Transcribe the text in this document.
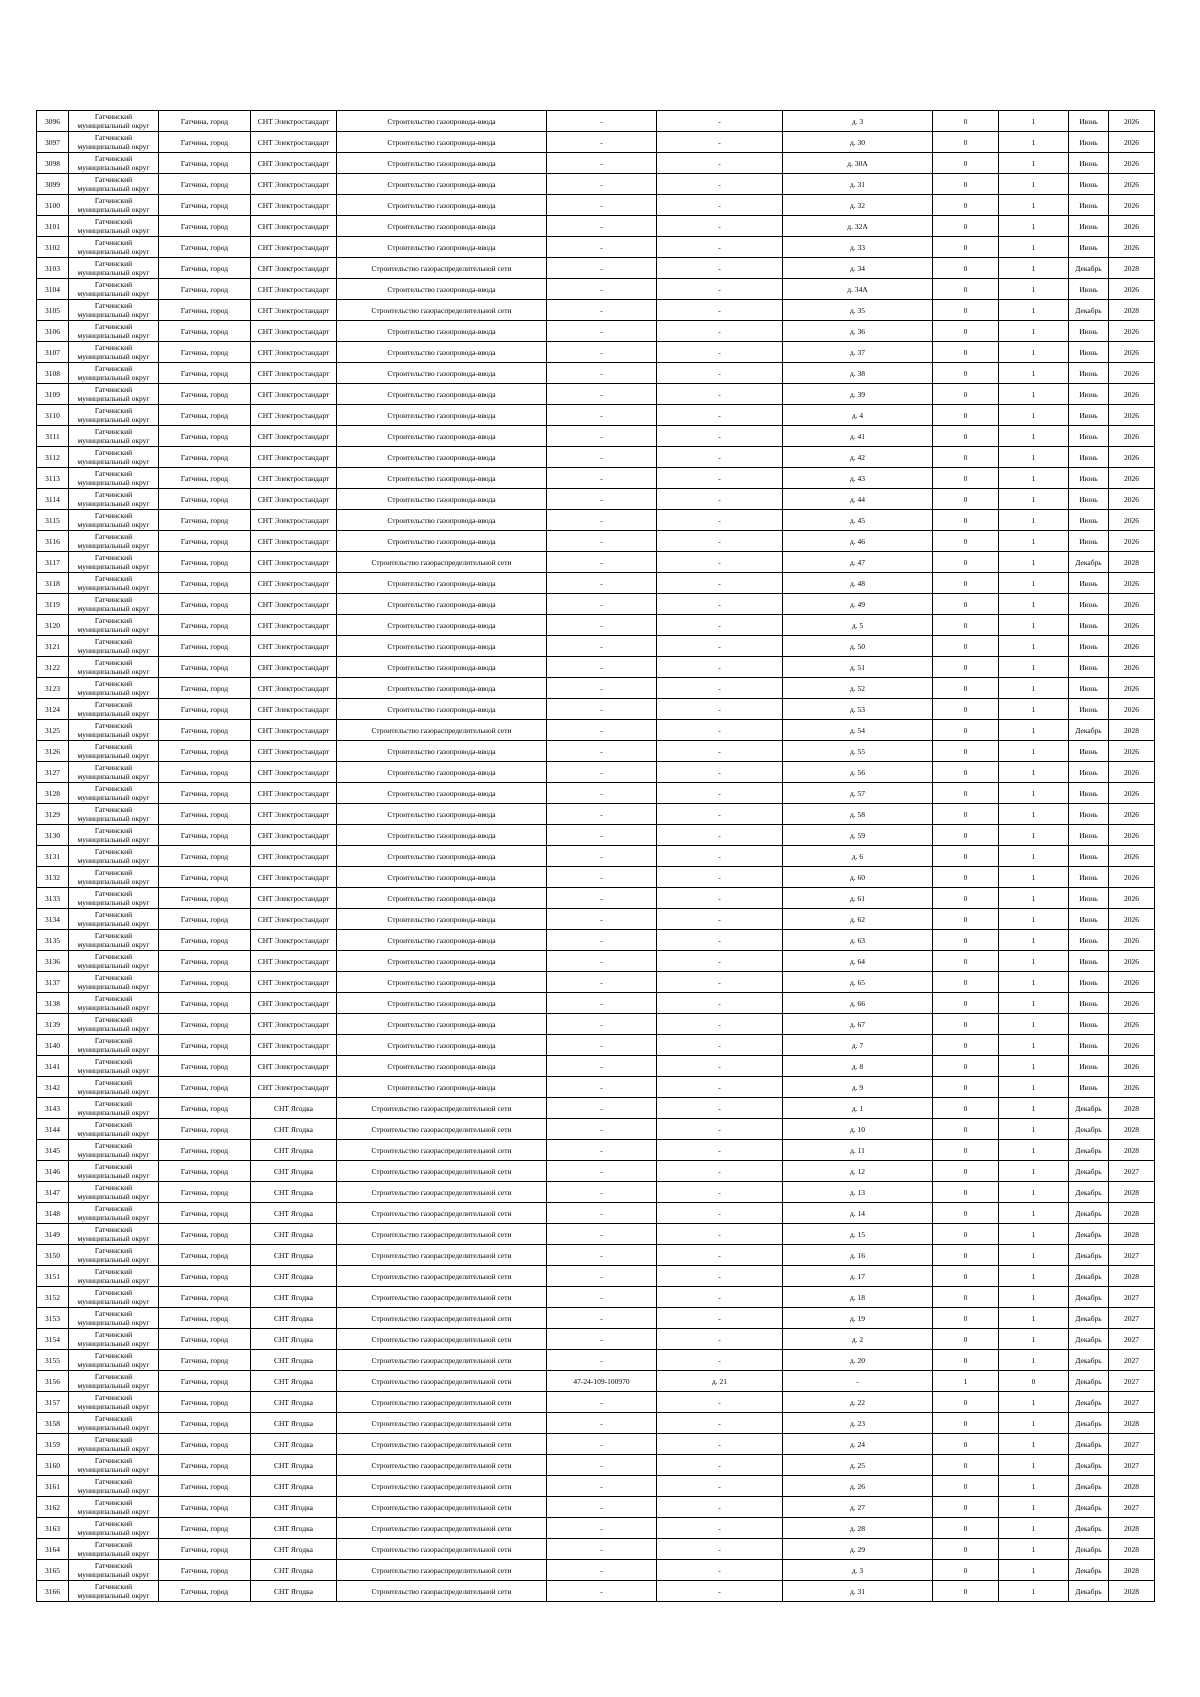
3096	Гатчинский муниципальный округ	Гатчина, город	СНТ Электростандарт	Строительство газопровода-ввода	-	-	д. 3	0	1	Июнь	2026
3097	Гатчинский муниципальный округ	Гатчина, город	СНТ Электростандарт	Строительство газопровода-ввода	-	-	д. 30	0	1	Июнь	2026
3098	Гатчинский муниципальный округ	Гатчина, город	СНТ Электростандарт	Строительство газопровода-ввода	-	-	д. 30А	0	1	Июнь	2026
3099	Гатчинский муниципальный округ	Гатчина, город	СНТ Электростандарт	Строительство газопровода-ввода	-	-	д. 31	0	1	Июнь	2026
3100	Гатчинский муниципальный округ	Гатчина, город	СНТ Электростандарт	Строительство газопровода-ввода	-	-	д. 32	0	1	Июнь	2026
3101	Гатчинский муниципальный округ	Гатчина, город	СНТ Электростандарт	Строительство газопровода-ввода	-	-	д. 32А	0	1	Июнь	2026
3102	Гатчинский муниципальный округ	Гатчина, город	СНТ Электростандарт	Строительство газопровода-ввода	-	-	д. 33	0	1	Июнь	2026
3103	Гатчинский муниципальный округ	Гатчина, город	СНТ Электростандарт	Строительство газораспределительной сети	-	-	д. 34	0	1	Декабрь	2028
3104	Гатчинский муниципальный округ	Гатчина, город	СНТ Электростандарт	Строительство газопровода-ввода	-	-	д. 34А	0	1	Июнь	2026
3105	Гатчинский муниципальный округ	Гатчина, город	СНТ Электростандарт	Строительство газораспределительной сети	-	-	д. 35	0	1	Декабрь	2028
3106	Гатчинский муниципальный округ	Гатчина, город	СНТ Электростандарт	Строительство газопровода-ввода	-	-	д. 36	0	1	Июнь	2026
3107	Гатчинский муниципальный округ	Гатчина, город	СНТ Электростандарт	Строительство газопровода-ввода	-	-	д. 37	0	1	Июнь	2026
3108	Гатчинский муниципальный округ	Гатчина, город	СНТ Электростандарт	Строительство газопровода-ввода	-	-	д. 38	0	1	Июнь	2026
3109	Гатчинский муниципальный округ	Гатчина, город	СНТ Электростандарт	Строительство газопровода-ввода	-	-	д. 39	0	1	Июнь	2026
3110	Гатчинский муниципальный округ	Гатчина, город	СНТ Электростандарт	Строительство газопровода-ввода	-	-	д. 4	0	1	Июнь	2026
3111	Гатчинский муниципальный округ	Гатчина, город	СНТ Электростандарт	Строительство газопровода-ввода	-	-	д. 41	0	1	Июнь	2026
3112	Гатчинский муниципальный округ	Гатчина, город	СНТ Электростандарт	Строительство газопровода-ввода	-	-	д. 42	0	1	Июнь	2026
3113	Гатчинский муниципальный округ	Гатчина, город	СНТ Электростандарт	Строительство газопровода-ввода	-	-	д. 43	0	1	Июнь	2026
3114	Гатчинский муниципальный округ	Гатчина, город	СНТ Электростандарт	Строительство газопровода-ввода	-	-	д. 44	0	1	Июнь	2026
3115	Гатчинский муниципальный округ	Гатчина, город	СНТ Электростандарт	Строительство газопровода-ввода	-	-	д. 45	0	1	Июнь	2026
3116	Гатчинский муниципальный округ	Гатчина, город	СНТ Электростандарт	Строительство газопровода-ввода	-	-	д. 46	0	1	Июнь	2026
3117	Гатчинский муниципальный округ	Гатчина, город	СНТ Электростандарт	Строительство газораспределительной сети	-	-	д. 47	0	1	Декабрь	2028
3118	Гатчинский муниципальный округ	Гатчина, город	СНТ Электростандарт	Строительство газопровода-ввода	-	-	д. 48	0	1	Июнь	2026
3119	Гатчинский муниципальный округ	Гатчина, город	СНТ Электростандарт	Строительство газопровода-ввода	-	-	д. 49	0	1	Июнь	2026
3120	Гатчинский муниципальный округ	Гатчина, город	СНТ Электростандарт	Строительство газопровода-ввода	-	-	д. 5	0	1	Июнь	2026
3121	Гатчинский муниципальный округ	Гатчина, город	СНТ Электростандарт	Строительство газопровода-ввода	-	-	д. 50	0	1	Июнь	2026
3122	Гатчинский муниципальный округ	Гатчина, город	СНТ Электростандарт	Строительство газопровода-ввода	-	-	д. 51	0	1	Июнь	2026
3123	Гатчинский муниципальный округ	Гатчина, город	СНТ Электростандарт	Строительство газопровода-ввода	-	-	д. 52	0	1	Июнь	2026
3124	Гатчинский муниципальный округ	Гатчина, город	СНТ Электростандарт	Строительство газопровода-ввода	-	-	д. 53	0	1	Июнь	2026
3125	Гатчинский муниципальный округ	Гатчина, город	СНТ Электростандарт	Строительство газораспределительной сети	-	-	д. 54	0	1	Декабрь	2028
3126	Гатчинский муниципальный округ	Гатчина, город	СНТ Электростандарт	Строительство газопровода-ввода	-	-	д. 55	0	1	Июнь	2026
3127	Гатчинский муниципальный округ	Гатчина, город	СНТ Электростандарт	Строительство газопровода-ввода	-	-	д. 56	0	1	Июнь	2026
3128	Гатчинский муниципальный округ	Гатчина, город	СНТ Электростандарт	Строительство газопровода-ввода	-	-	д. 57	0	1	Июнь	2026
3129	Гатчинский муниципальный округ	Гатчина, город	СНТ Электростандарт	Строительство газопровода-ввода	-	-	д. 58	0	1	Июнь	2026
3130	Гатчинский муниципальный округ	Гатчина, город	СНТ Электростандарт	Строительство газопровода-ввода	-	-	д. 59	0	1	Июнь	2026
3131	Гатчинский муниципальный округ	Гатчина, город	СНТ Электростандарт	Строительство газопровода-ввода	-	-	д. 6	0	1	Июнь	2026
3132	Гатчинский муниципальный округ	Гатчина, город	СНТ Электростандарт	Строительство газопровода-ввода	-	-	д. 60	0	1	Июнь	2026
3133	Гатчинский муниципальный округ	Гатчина, город	СНТ Электростандарт	Строительство газопровода-ввода	-	-	д. 61	0	1	Июнь	2026
3134	Гатчинский муниципальный округ	Гатчина, город	СНТ Электростандарт	Строительство газопровода-ввода	-	-	д. 62	0	1	Июнь	2026
3135	Гатчинский муниципальный округ	Гатчина, город	СНТ Электростандарт	Строительство газопровода-ввода	-	-	д. 63	0	1	Июнь	2026
3136	Гатчинский муниципальный округ	Гатчина, город	СНТ Электростандарт	Строительство газопровода-ввода	-	-	д. 64	0	1	Июнь	2026
3137	Гатчинский муниципальный округ	Гатчина, город	СНТ Электростандарт	Строительство газопровода-ввода	-	-	д. 65	0	1	Июнь	2026
3138	Гатчинский муниципальный округ	Гатчина, город	СНТ Электростандарт	Строительство газопровода-ввода	-	-	д. 66	0	1	Июнь	2026
3139	Гатчинский муниципальный округ	Гатчина, город	СНТ Электростандарт	Строительство газопровода-ввода	-	-	д. 67	0	1	Июнь	2026
3140	Гатчинский муниципальный округ	Гатчина, город	СНТ Электростандарт	Строительство газопровода-ввода	-	-	д. 7	0	1	Июнь	2026
3141	Гатчинский муниципальный округ	Гатчина, город	СНТ Электростандарт	Строительство газопровода-ввода	-	-	д. 8	0	1	Июнь	2026
3142	Гатчинский муниципальный округ	Гатчина, город	СНТ Электростандарт	Строительство газопровода-ввода	-	-	д. 9	0	1	Июнь	2026
3143	Гатчинский муниципальный округ	Гатчина, город	СНТ Ягодка	Строительство газораспределительной сети	-	-	д. 1	0	1	Декабрь	2028
3144	Гатчинский муниципальный округ	Гатчина, город	СНТ Ягодка	Строительство газораспределительной сети	-	-	д. 10	0	1	Декабрь	2028
3145	Гатчинский муниципальный округ	Гатчина, город	СНТ Ягодка	Строительство газораспределительной сети	-	-	д. 11	0	1	Декабрь	2028
3146	Гатчинский муниципальный округ	Гатчина, город	СНТ Ягодка	Строительство газораспределительной сети	-	-	д. 12	0	1	Декабрь	2027
3147	Гатчинский муниципальный округ	Гатчина, город	СНТ Ягодка	Строительство газораспределительной сети	-	-	д. 13	0	1	Декабрь	2028
3148	Гатчинский муниципальный округ	Гатчина, город	СНТ Ягодка	Строительство газораспределительной сети	-	-	д. 14	0	1	Декабрь	2028
3149	Гатчинский муниципальный округ	Гатчина, город	СНТ Ягодка	Строительство газораспределительной сети	-	-	д. 15	0	1	Декабрь	2028
3150	Гатчинский муниципальный округ	Гатчина, город	СНТ Ягодка	Строительство газораспределительной сети	-	-	д. 16	0	1	Декабрь	2027
3151	Гатчинский муниципальный округ	Гатчина, город	СНТ Ягодка	Строительство газораспределительной сети	-	-	д. 17	0	1	Декабрь	2028
3152	Гатчинский муниципальный округ	Гатчина, город	СНТ Ягодка	Строительство газораспределительной сети	-	-	д. 18	0	1	Декабрь	2027
3153	Гатчинский муниципальный округ	Гатчина, город	СНТ Ягодка	Строительство газораспределительной сети	-	-	д. 19	0	1	Декабрь	2027
3154	Гатчинский муниципальный округ	Гатчина, город	СНТ Ягодка	Строительство газораспределительной сети	-	-	д. 2	0	1	Декабрь	2027
3155	Гатчинский муниципальный округ	Гатчина, город	СНТ Ягодка	Строительство газораспределительной сети	-	-	д. 20	0	1	Декабрь	2027
3156	Гатчинский муниципальный округ	Гатчина, город	СНТ Ягодка	Строительство газораспределительной сети	47-24-109-100970	д. 21	-	1	0	Декабрь	2027
3157	Гатчинский муниципальный округ	Гатчина, город	СНТ Ягодка	Строительство газораспределительной сети	-	-	д. 22	0	1	Декабрь	2027
3158	Гатчинский муниципальный округ	Гатчина, город	СНТ Ягодка	Строительство газораспределительной сети	-	-	д. 23	0	1	Декабрь	2028
3159	Гатчинский муниципальный округ	Гатчина, город	СНТ Ягодка	Строительство газораспределительной сети	-	-	д. 24	0	1	Декабрь	2027
3160	Гатчинский муниципальный округ	Гатчина, город	СНТ Ягодка	Строительство газораспределительной сети	-	-	д. 25	0	1	Декабрь	2027
3161	Гатчинский муниципальный округ	Гатчина, город	СНТ Ягодка	Строительство газораспределительной сети	-	-	д. 26	0	1	Декабрь	2028
3162	Гатчинский муниципальный округ	Гатчина, город	СНТ Ягодка	Строительство газораспределительной сети	-	-	д. 27	0	1	Декабрь	2027
3163	Гатчинский муниципальный округ	Гатчина, город	СНТ Ягодка	Строительство газораспределительной сети	-	-	д. 28	0	1	Декабрь	2028
3164	Гатчинский муниципальный округ	Гатчина, город	СНТ Ягодка	Строительство газораспределительной сети	-	-	д. 29	0	1	Декабрь	2028
3165	Гатчинский муниципальный округ	Гатчина, город	СНТ Ягодка	Строительство газораспределительной сети	-	-	д. 3	0	1	Декабрь	2028
3166	Гатчинский муниципальный округ	Гатчина, город	СНТ Ягодка	Строительство газораспределительной сети	-	-	д. 31	0	1	Декабрь	2028
